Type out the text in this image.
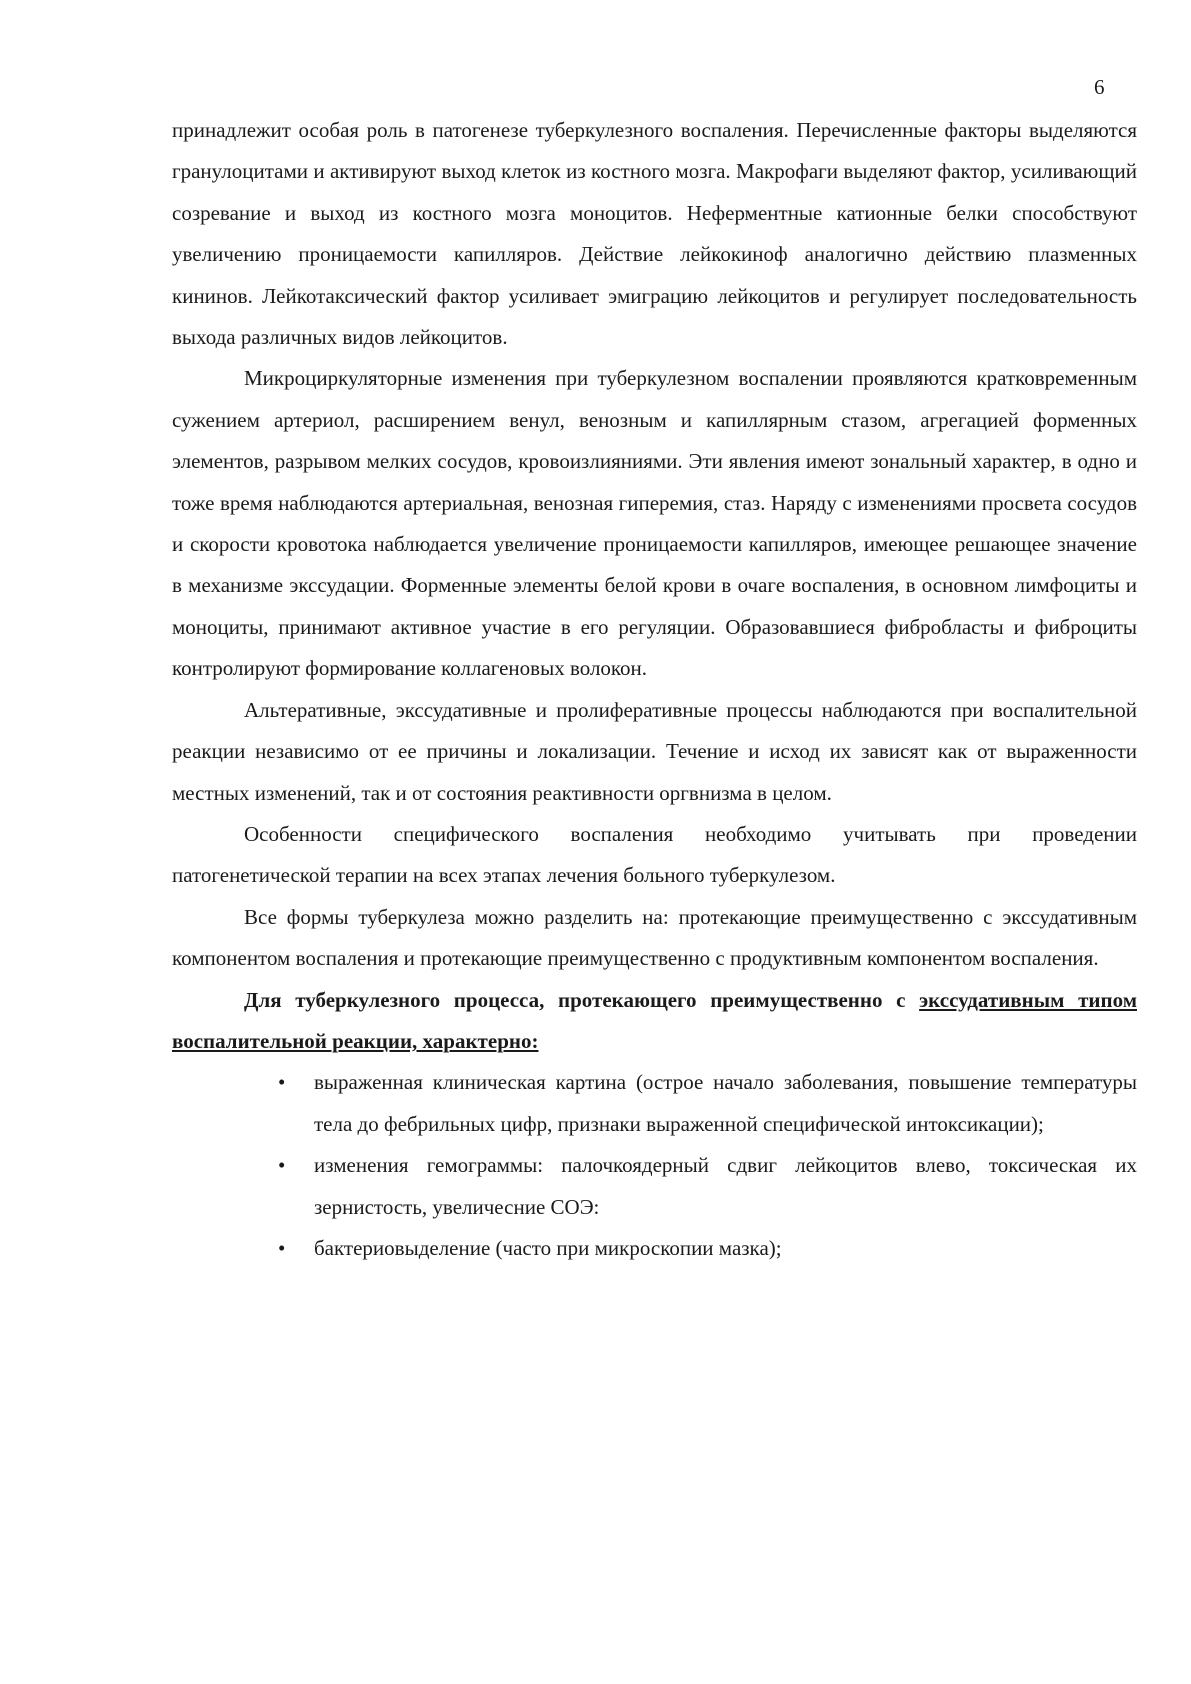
6

принадлежит особая роль в патогенезе туберкулезного воспаления. Перечисленные факторы выделяются гранулоцитами и активируют выход клеток из костного мозга. Макрофаги выделяют фактор, усиливающий созревание и выход из костного мозга моноцитов. Неферментные катионные белки способствуют увеличению проницаемости капилляров. Действие лейкокиноф аналогично действию плазменных кининов. Лейкотаксический фактор усиливает эмиграцию лейкоцитов и регулирует последовательность выхода различных видов лейкоцитов.

Микроциркуляторные изменения при туберкулезном воспалении проявляются кратковременным сужением артериол, расширением венул, венозным и капиллярным стазом, агрегацией форменных элементов, разрывом мелких сосудов, кровоизлияниями. Эти явления имеют зональный характер, в одно и тоже время наблюдаются артериальная, венозная гиперемия, стаз. Наряду с изменениями просвета сосудов и скорости кровотока наблюдается увеличение проницаемости капилляров, имеющее решающее значение в механизме экссудации. Форменные элементы белой крови в очаге воспаления, в основном лимфоциты и моноциты, принимают активное участие в его регуляции. Образовавшиеся фибробласты и фиброциты контролируют формирование коллагеновых волокон.

Альтеративные, экссудативные и пролиферативные процессы наблюдаются при воспалительной реакции независимо от ее причины и локализации. Течение и исход их зависят как от выраженности местных изменений, так и от состояния реактивности оргвнизма в целом.

Особенности специфического воспаления необходимо учитывать при проведении патогенетической терапии на всех этапах лечения больного туберкулезом.

Все формы туберкулеза можно разделить на: протекающие преимущественно с экссудативным компонентом воспаления и протекающие преимущественно с продуктивным компонентом воспаления.

Для туберкулезного процесса, протекающего преимущественно с экссудативным типом воспалительной реакции, характерно:

• выраженная клиническая картина (острое начало заболевания, повышение температуры тела до фебрильных цифр, признаки выраженной специфической интоксикации);
• изменения гемограммы: палочкоядерный сдвиг лейкоцитов влево, токсическая их зернистость, увеличесние СОЭ:
• бактериовыделение (часто при микроскопии мазка);
